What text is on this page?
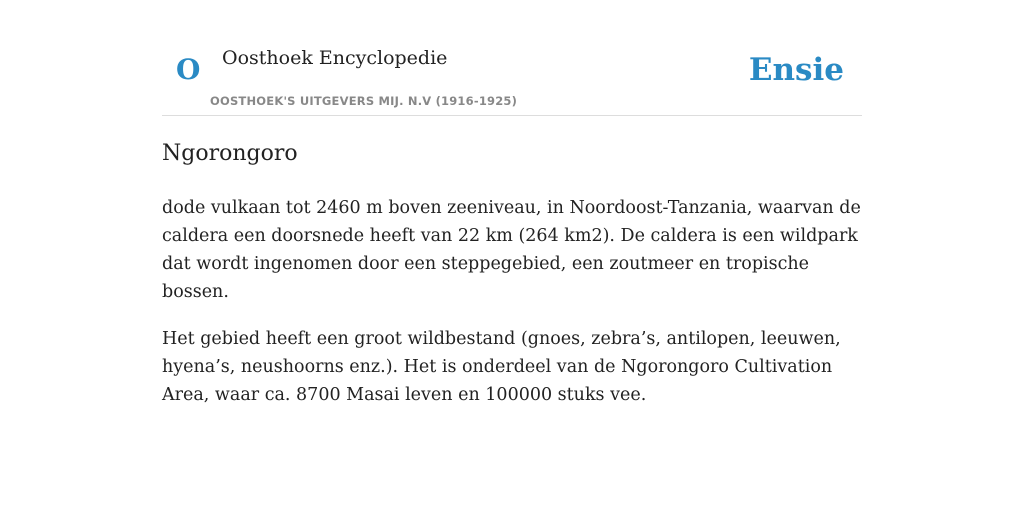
O Oosthoek Encyclopedie
OOSTHOEK'S UITGEVERS MIJ. N.V (1916-1925)
Ensie
Ngorongoro

dode vulkaan tot 2460 m boven zeeniveau, in Noordoost-Tanzania, waarvan de caldera een doorsnede heeft van 22 km (264 km2). De caldera is een wildpark dat wordt ingenomen door een steppegebied, een zoutmeer en tropische bossen.

Het gebied heeft een groot wildbestand (gnoes, zebra’s, antilopen, leeuwen, hyena’s, neushoorns enz.). Het is onderdeel van de Ngorongoro Cultivation Area, waar ca. 8700 Masai leven en 100000 stuks vee.
